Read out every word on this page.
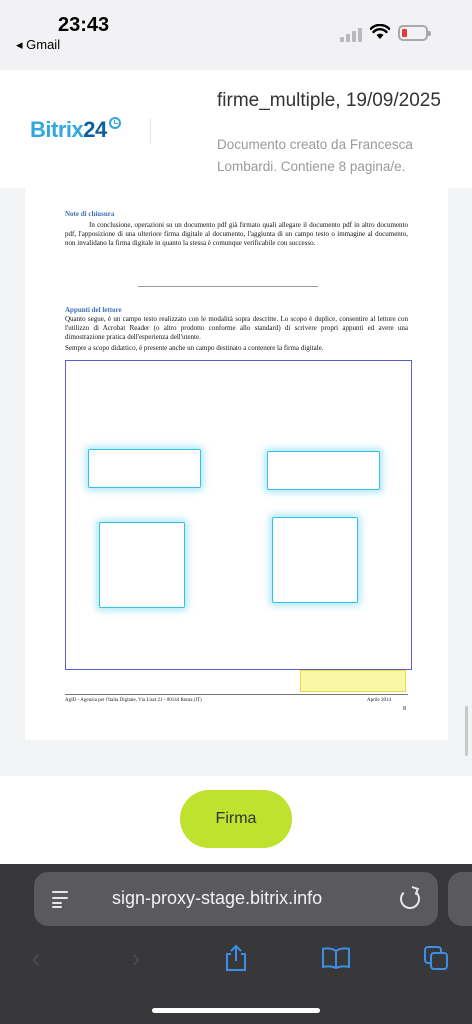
23:43
◂ Gmail
Bitrix24
firme_multiple, 19/09/2025
Documento creato da Francesca Lombardi. Contiene 8 pagina/e.
Note di chiusura
In conclusione, operazioni su un documento pdf già firmato quali allegare il documento pdf in altro documento pdf, l'apposizione di una ulteriore firma digitale al documento, l'aggiunta di un campo testo o immagine al documento, non invalidano la firma digitale in quanto la stessa è comunque verificabile con successo.
Appunti del lettore
Quanto segue, è un campo testo realizzato con le modalità sopra descritte. Lo scopo è duplice, consentire al lettore con l'utilizzo di Acrobat Reader (o altro prodotto conforme allo standard) di scrivere propri appunti ed avere una dimostrazione pratica dell'esperienza dell'utente.
Sempre a scopo didattico, è presente anche un campo destinato a contenere la firma digitale.
AgID - Agenzia per l'Italia Digitale, Via Liszt 21 - 00144 Roma (IT)	Aprile 2014
8
Firma
sign-proxy-stage.bitrix.info
‹	›
